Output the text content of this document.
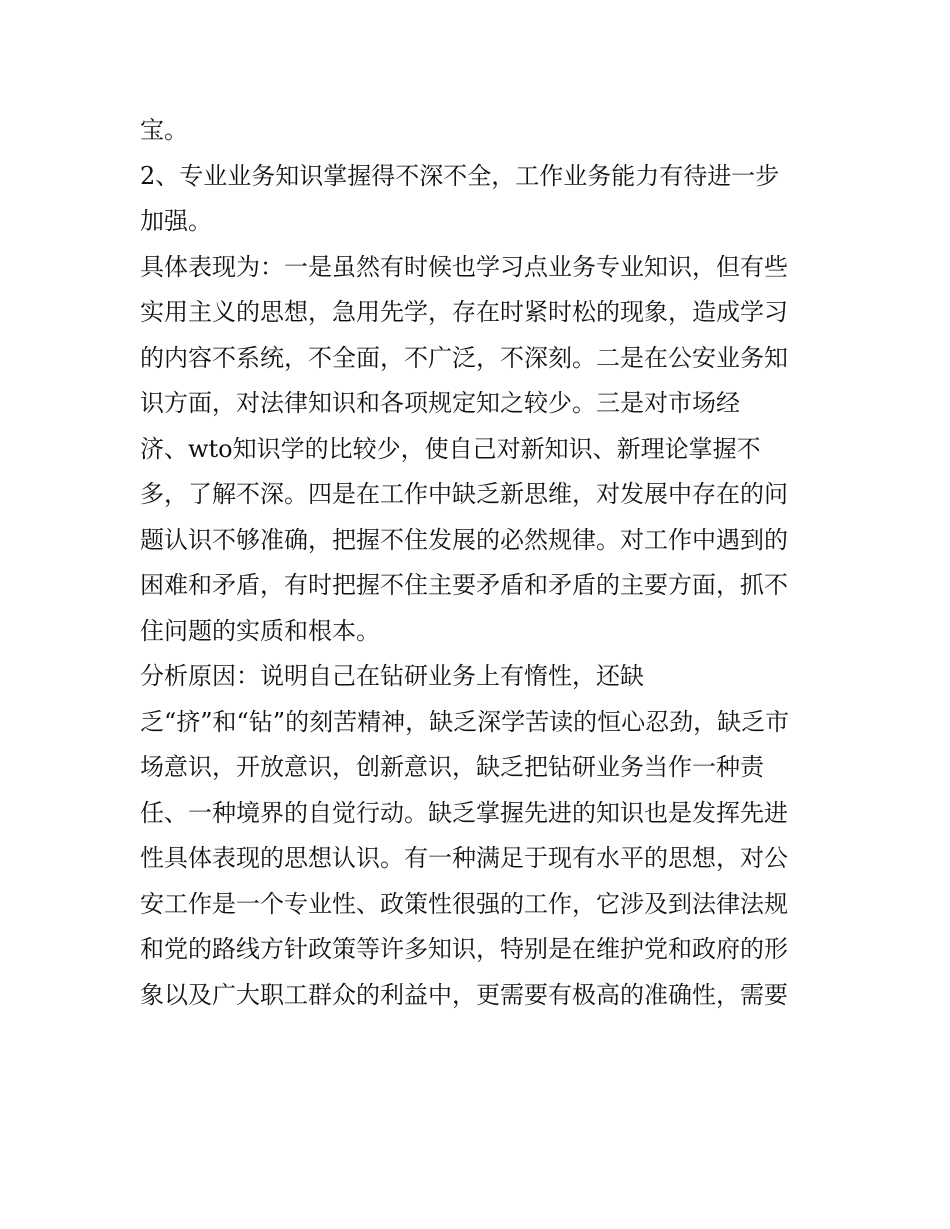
宝。
2、专业业务知识掌握得不深不全，工作业务能力有待进一步
加强。
具体表现为：一是虽然有时候也学习点业务专业知识，但有些
实用主义的思想，急用先学，存在时紧时松的现象，造成学习
的内容不系统，不全面，不广泛，不深刻。二是在公安业务知
识方面，对法律知识和各项规定知之较少。三是对市场经
济、wto知识学的比较少，使自己对新知识、新理论掌握不
多，了解不深。四是在工作中缺乏新思维，对发展中存在的问
题认识不够准确，把握不住发展的必然规律。对工作中遇到的
困难和矛盾，有时把握不住主要矛盾和矛盾的主要方面，抓不
住问题的实质和根本。
分析原因：说明自己在钻研业务上有惰性，还缺
乏“挤”和“钻”的刻苦精神，缺乏深学苦读的恒心忍劲，缺乏市
场意识，开放意识，创新意识，缺乏把钻研业务当作一种责
任、一种境界的自觉行动。缺乏掌握先进的知识也是发挥先进
性具体表现的思想认识。有一种满足于现有水平的思想，对公
安工作是一个专业性、政策性很强的工作，它涉及到法律法规
和党的路线方针政策等许多知识，特别是在维护党和政府的形
象以及广大职工群众的利益中，更需要有极高的准确性，需要
